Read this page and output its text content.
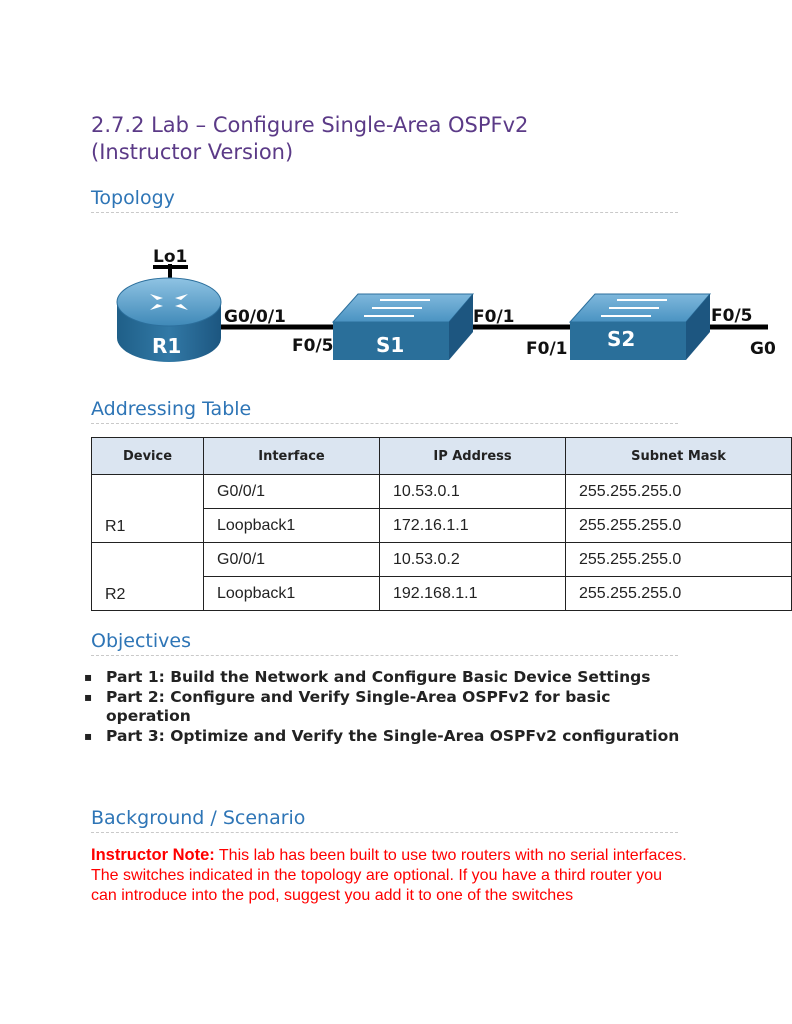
2.7.2 Lab – Configure Single-Area OSPFv2
(Instructor Version)
Topology
Lo1
R1
G0/0/1
F0/5 S1
F0/1
F0/1 S2
F0/5
G0
Addressing Table
Device	Interface	IP Address	Subnet Mask
R1	G0/0/1	10.53.0.1	255.255.255.0
	Loopback1	172.16.1.1	255.255.255.0
R2	G0/0/1	10.53.0.2	255.255.255.0
	Loopback1	192.168.1.1	255.255.255.0
Objectives
▪ Part 1: Build the Network and Configure Basic Device Settings
▪ Part 2: Configure and Verify Single-Area OSPFv2 for basic operation
▪ Part 3: Optimize and Verify the Single-Area OSPFv2 configuration
Background / Scenario

Instructor Note: This lab has been built to use two routers with no serial interfaces. The switches indicated in the topology are optional. If you have a third router you can introduce into the pod, suggest you add it to one of the switches
